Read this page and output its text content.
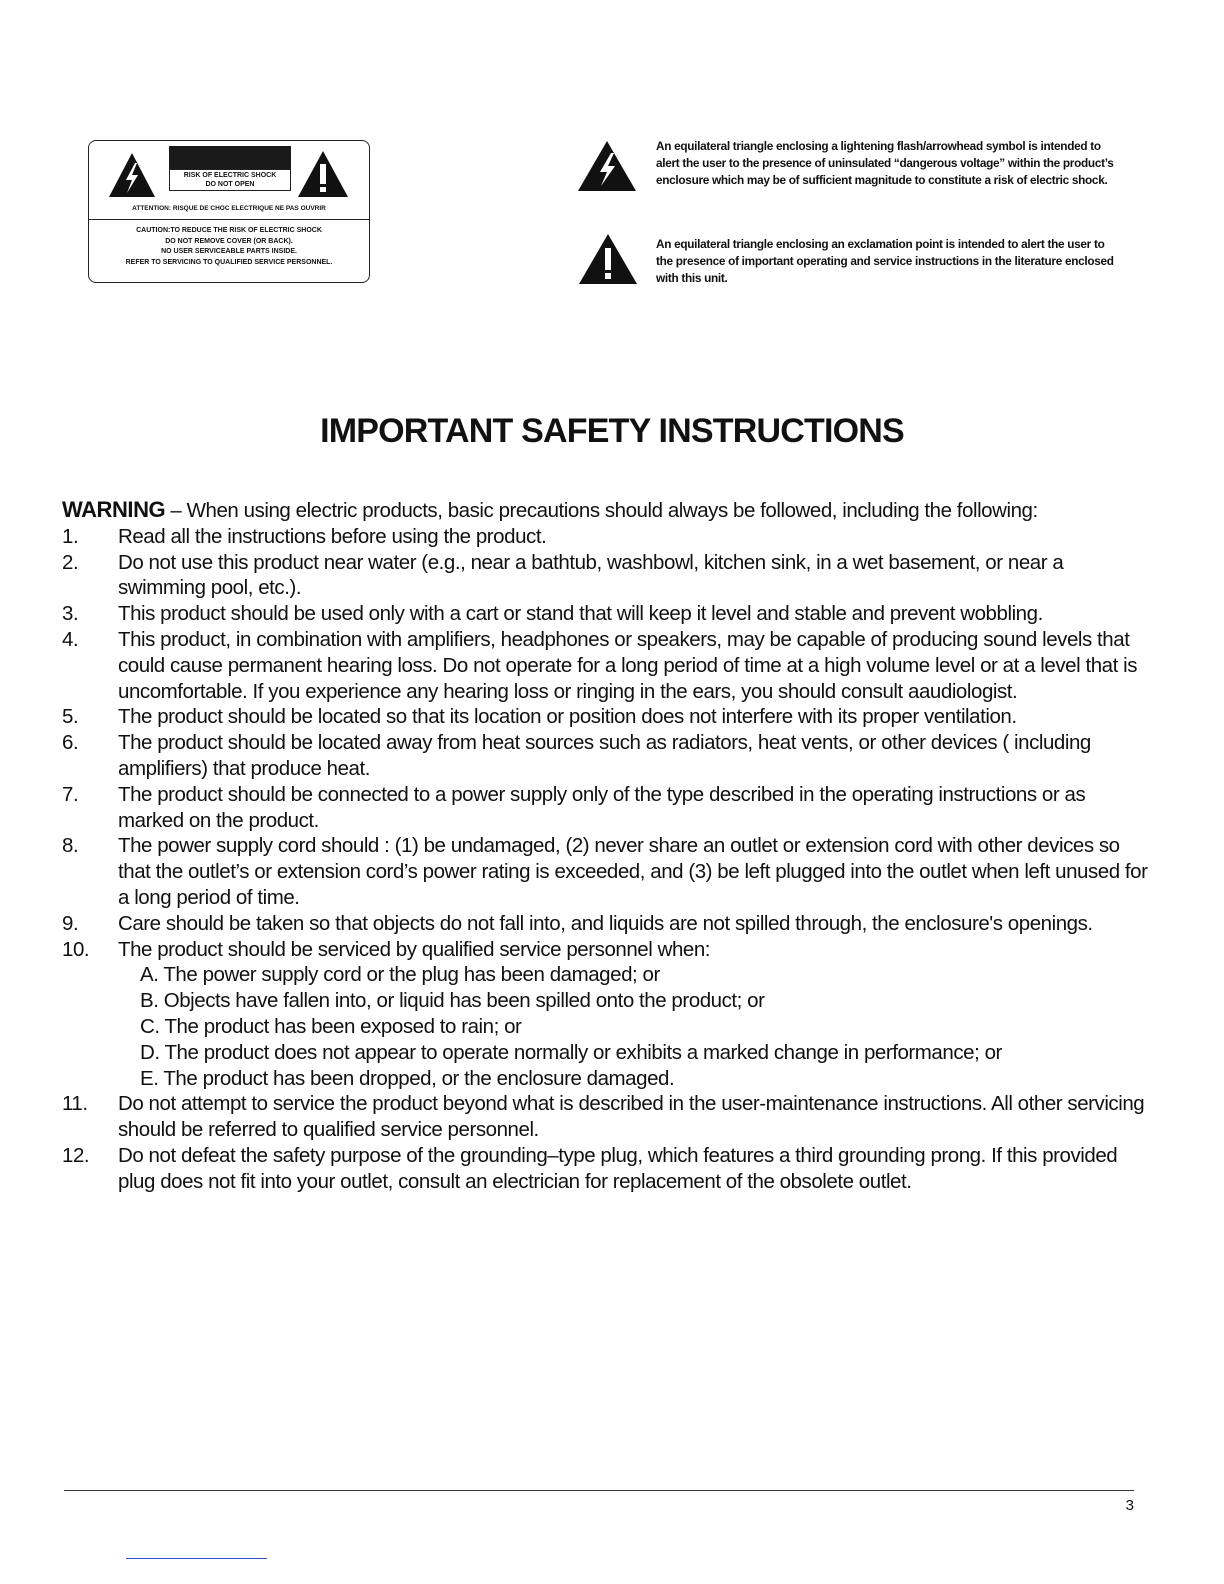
CAUTION
RISK OF ELECTRIC SHOCK
DO NOT OPEN
ATTENTION: RISQUE DE CHOC ELECTRIQUE NE PAS OUVRIR
CAUTION:TO REDUCE THE RISK OF ELECTRIC SHOCK
DO NOT REMOVE COVER (OR BACK).
NO USER SERVICEABLE PARTS INSIDE.
REFER TO SERVICING TO QUALIFIED SERVICE PERSONNEL.
An equilateral triangle enclosing a lightening flash/arrowhead symbol is intended to alert the user to the presence of uninsulated “dangerous voltage” within the product’s enclosure which may be of sufficient magnitude to constitute a risk of electric shock.
An equilateral triangle enclosing an exclamation point is intended to alert the user to the presence of important operating and service instructions in the literature enclosed with this unit.
IMPORTANT SAFETY INSTRUCTIONS

WARNING – When using electric products, basic precautions should always be followed, including the following:

1. Read all the instructions before using the product.
2. Do not use this product near water (e.g., near a bathtub, washbowl, kitchen sink, in a wet basement, or near a swimming pool, etc.).
3. This product should be used only with a cart or stand that will keep it level and stable and prevent wobbling.
4. This product, in combination with amplifiers, headphones or speakers, may be capable of producing sound levels that could cause permanent hearing loss. Do not operate for a long period of time at a high volume level or at a level that is uncomfortable. If you experience any hearing loss or ringing in the ears, you should consult aaudiologist.
5. The product should be located so that its location or position does not interfere with its proper ventilation.
6. The product should be located away from heat sources such as radiators, heat vents, or other devices ( including amplifiers) that produce heat.
7. The product should be connected to a power supply only of the type described in the operating instructions or as marked on the product.
8. The power supply cord should : (1) be undamaged, (2) never share an outlet or extension cord with other devices so that the outlet’s or extension cord’s power rating is exceeded, and (3) be left plugged into the outlet when left unused for a long period of time.
9. Care should be taken so that objects do not fall into, and liquids are not spilled through, the enclosure's openings.
10. The product should be serviced by qualified service personnel when:
A. The power supply cord or the plug has been damaged; or
B. Objects have fallen into, or liquid has been spilled onto the product; or
C. The product has been exposed to rain; or
D. The product does not appear to operate normally or exhibits a marked change in performance; or
E. The product has been dropped, or the enclosure damaged.
11. Do not attempt to service the product beyond what is described in the user-maintenance instructions. All other servicing should be referred to qualified service personnel.
12. Do not defeat the safety purpose of the grounding–type plug, which features a third grounding prong. If this provided plug does not fit into your outlet, consult an electrician for replacement of the obsolete outlet.
3
